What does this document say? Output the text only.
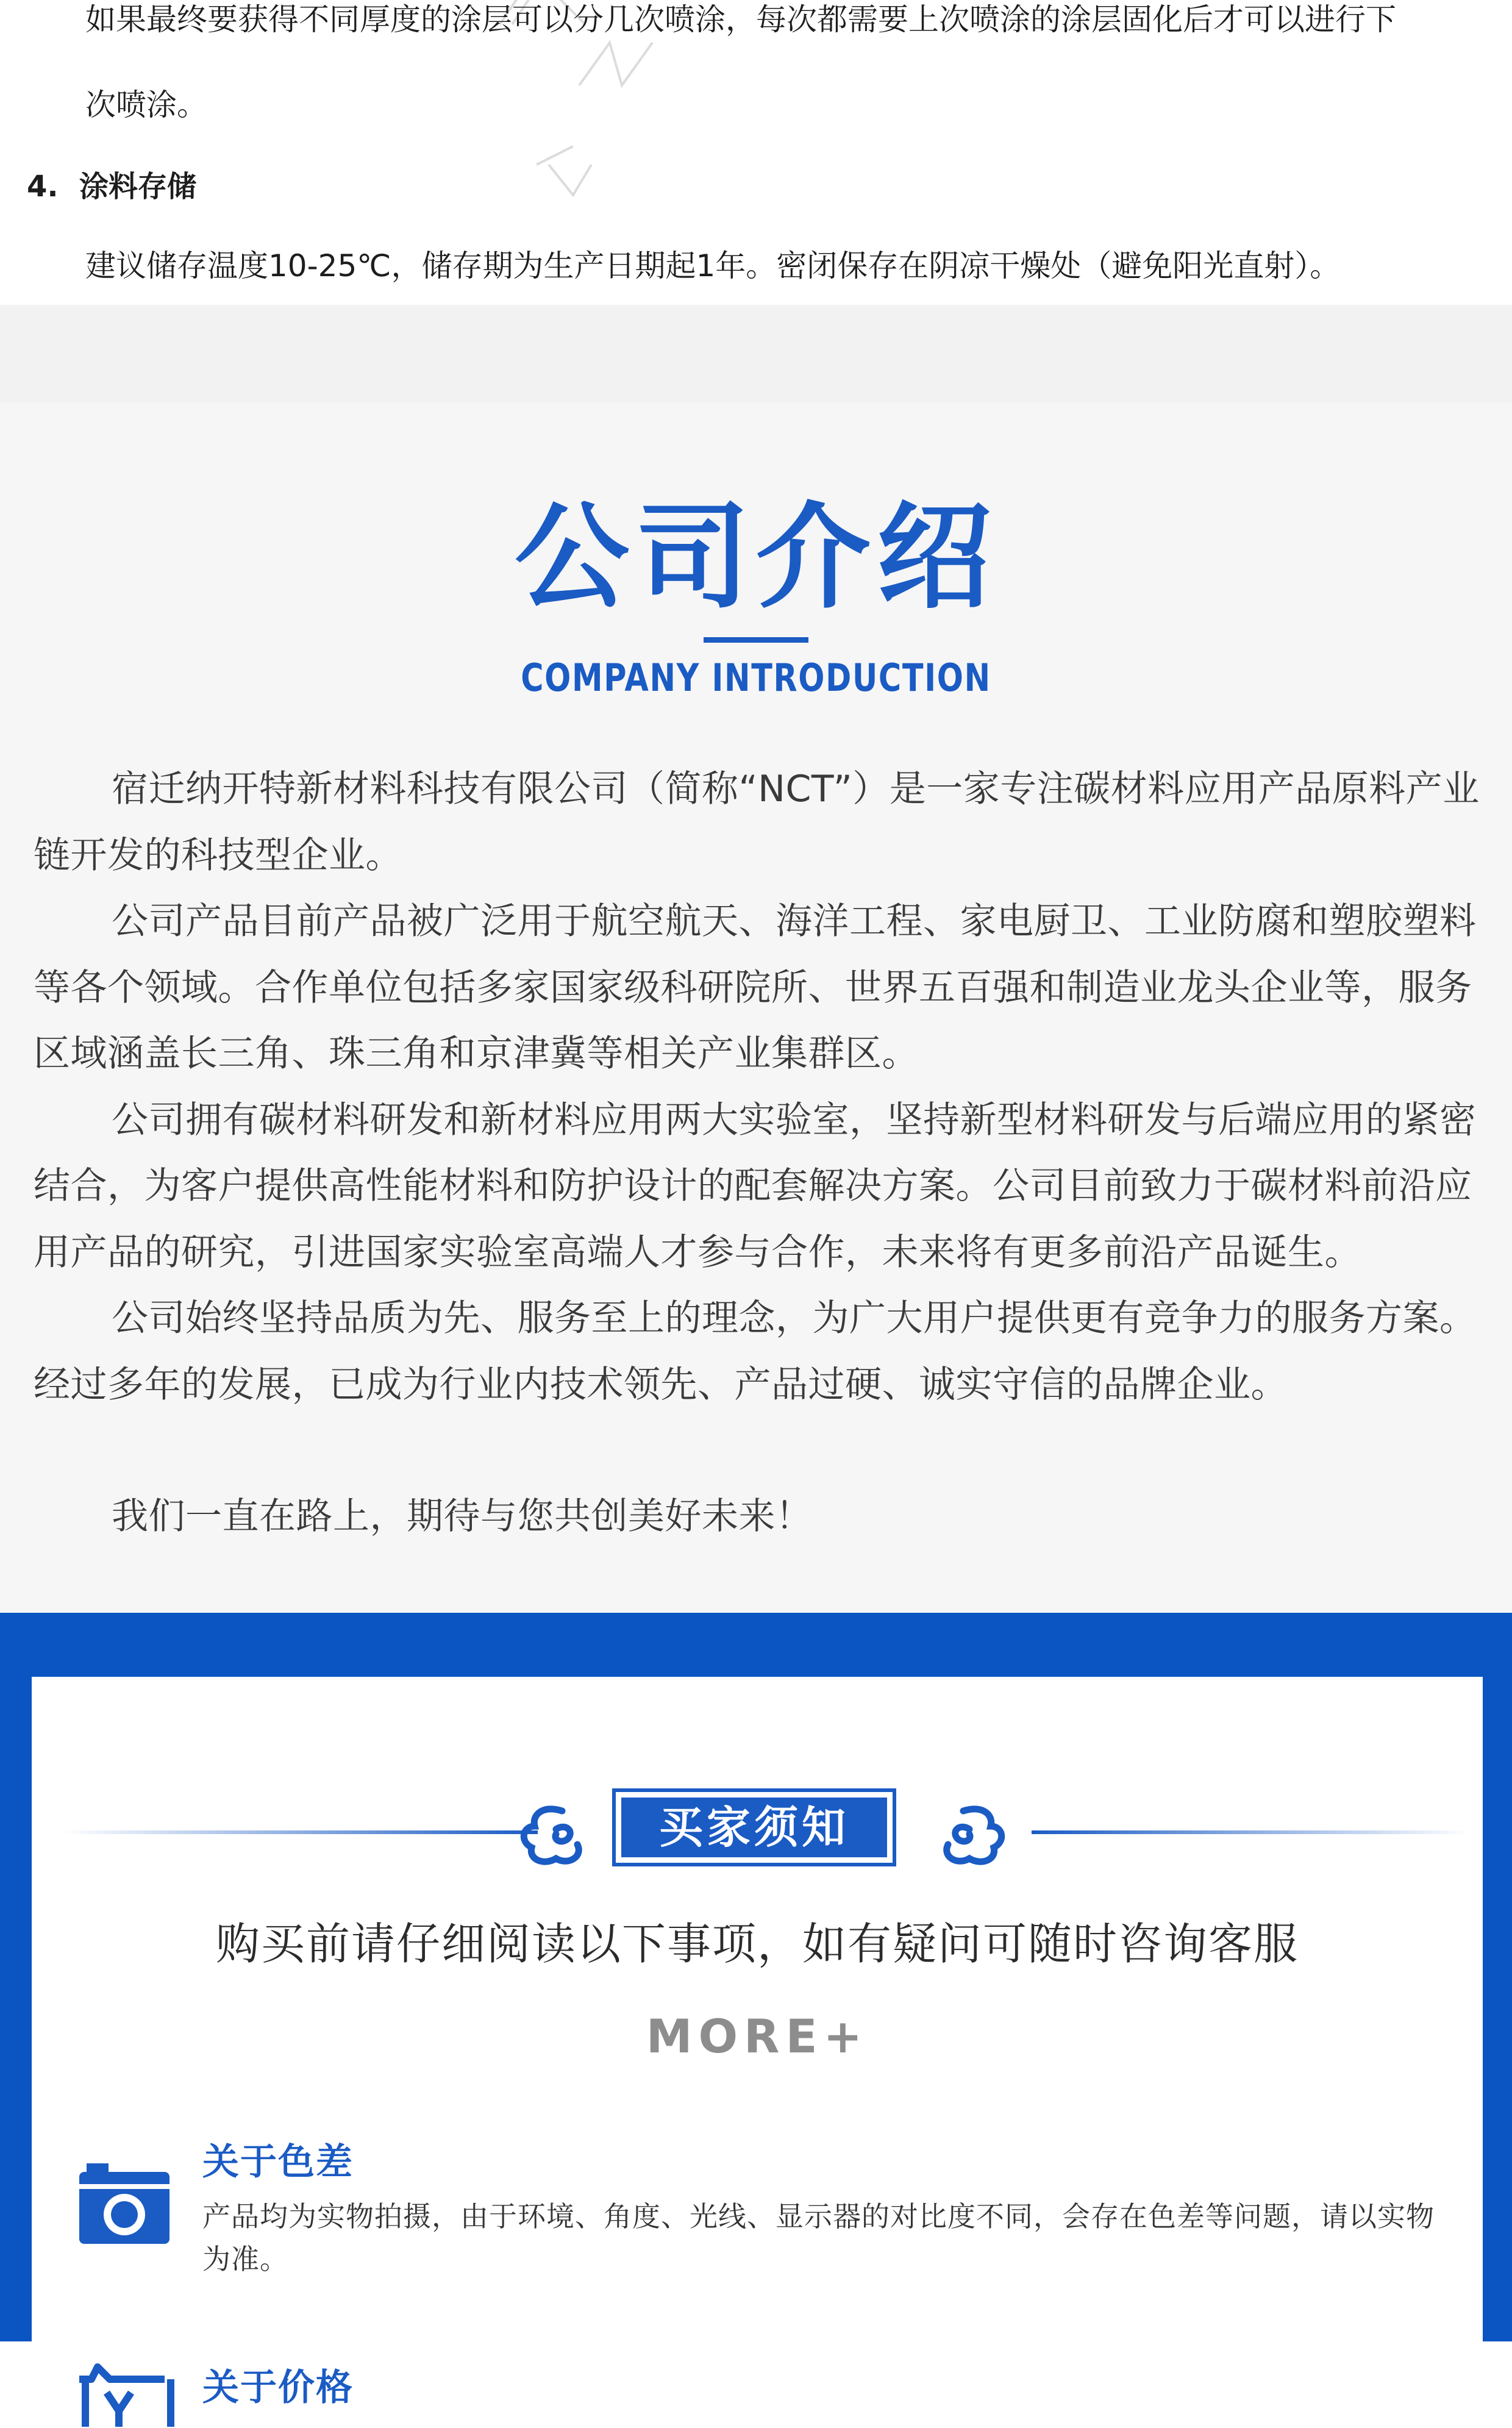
如果最终要获得不同厚度的涂层可以分几次喷涂，每次都需要上次喷涂的涂层固化后才可以进行下

次喷涂。

4. 涂料存储

建议储存温度10-25℃，储存期为生产日期起1年。密闭保存在阴凉干燥处（避免阳光直射）。

公司介绍
COMPANY INTRODUCTION

宿迁纳开特新材料科技有限公司（简称“NCT”）是一家专注碳材料应用产品原料产业链开发的科技型企业。

公司产品目前产品被广泛用于航空航天、海洋工程、家电厨卫、工业防腐和塑胶塑料等各个领域。合作单位包括多家国家级科研院所、世界五百强和制造业龙头企业等，服务区域涵盖长三角、珠三角和京津冀等相关产业集群区。

公司拥有碳材料研发和新材料应用两大实验室，坚持新型材料研发与后端应用的紧密结合，为客户提供高性能材料和防护设计的配套解决方案。公司目前致力于碳材料前沿应用产品的研究，引进国家实验室高端人才参与合作，未来将有更多前沿产品诞生。

公司始终坚持品质为先、服务至上的理念，为广大用户提供更有竞争力的服务方案。经过多年的发展，已成为行业内技术领先、产品过硬、诚实守信的品牌企业。

我们一直在路上，期待与您共创美好未来！

买家须知
购买前请仔细阅读以下事项，如有疑问可随时咨询客服
MORE+
关于色差
产品均为实物拍摄，由于环境、角度、光线、显示器的对比度不同，会存在色差等问题，请以实物为准。
关于价格
